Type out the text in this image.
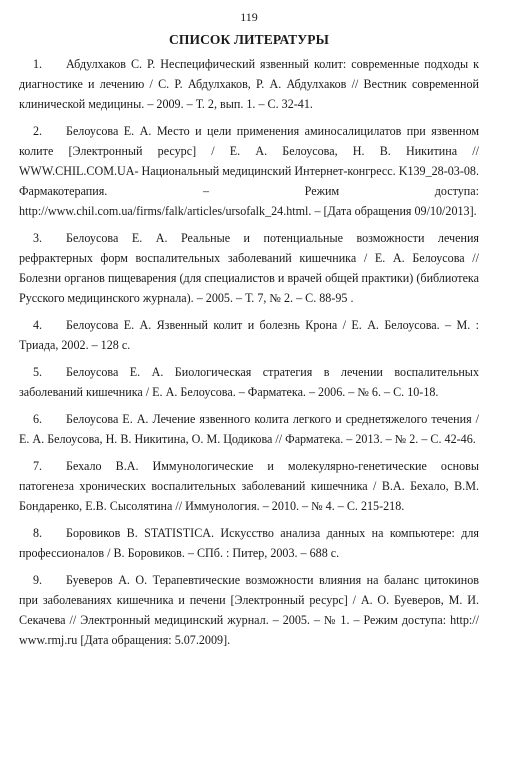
119
СПИСОК ЛИТЕРАТУРЫ
1. Абдулхаков С. Р. Неспецифический язвенный колит: современные подходы к диагностике и лечению / С. Р. Абдулхаков, Р. А. Абдулхаков // Вестник современной клинической медицины. – 2009. – Т. 2, вып. 1. – С. 32-41.
2. Белоусова Е. А. Место и цели применения аминосалицилатов при язвенном колите [Электронный ресурс] / Е. А. Белоусова, Н. В. Никитина // WWW.CHIL.COM.UA- Национальный медицинский Интернет-конгресс. K139_28-03-08. Фармакотерапия. – Режим доступа: http://www.chil.com.ua/firms/falk/articles/ursofalk_24.html. – [Дата обращения 09/10/2013].
3. Белоусова Е. А. Реальные и потенциальные возможности лечения рефрактерных форм воспалительных заболеваний кишечника / Е. А. Белоусова // Болезни органов пищеварения (для специалистов и врачей общей практики) (библиотека Русского медицинского журнала). – 2005. – Т. 7, № 2. – С. 88-95 .
4. Белоусова Е. А. Язвенный колит и болезнь Крона / Е. А. Белоусова. – М. : Триада, 2002. – 128 с.
5. Белоусова Е. А. Биологическая стратегия в лечении воспалительных заболеваний кишечника / Е. А. Белоусова. – Фарматека. – 2006. – № 6. – С. 10-18.
6. Белоусова Е. А. Лечение язвенного колита легкого и среднетяжелого течения / Е. А. Белоусова, Н. В. Никитина, О. М. Цодикова // Фарматека. – 2013. – № 2. – С. 42-46.
7. Бехало В.А. Иммунологические и молекулярно-генетические основы патогенеза хронических воспалительных заболеваний кишечника / В.А. Бехало, В.М. Бондаренко, Е.В. Сысолятина // Иммунология. – 2010. – № 4. – С. 215-218.
8. Боровиков В. STATISTICA. Искусство анализа данных на компьютере: для профессионалов / В. Боровиков. – СПб. : Питер, 2003. – 688 с.
9. Буеверов А. О. Терапевтические возможности влияния на баланс цитокинов при заболеваниях кишечника и печени [Электронный ресурс] / А. О. Буеверов, М. И. Секачева // Электронный медицинский журнал. – 2005. – № 1. – Режим доступа: http:// www.rmj.ru [Дата обращения: 5.07.2009].
